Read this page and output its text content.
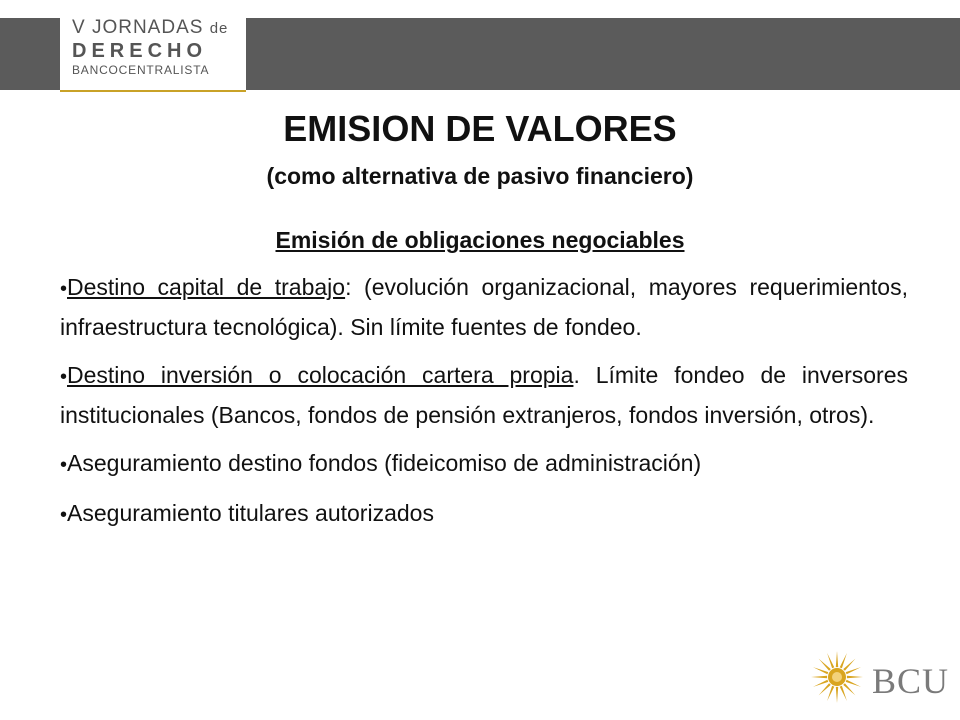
V JORNADAS de
DERECHO
BANCOCENTRALISTA
EMISION DE VALORES
(como alternativa de pasivo financiero)
Emisión de obligaciones negociables
•Destino capital de trabajo: (evolución organizacional, mayores requerimientos, infraestructura tecnológica). Sin límite fuentes de fondeo.
•Destino inversión o colocación cartera propia. Límite fondeo de inversores institucionales (Bancos, fondos de pensión extranjeros, fondos inversión, otros).
•Aseguramiento destino fondos (fideicomiso de administración)
•Aseguramiento titulares autorizados
BCU
